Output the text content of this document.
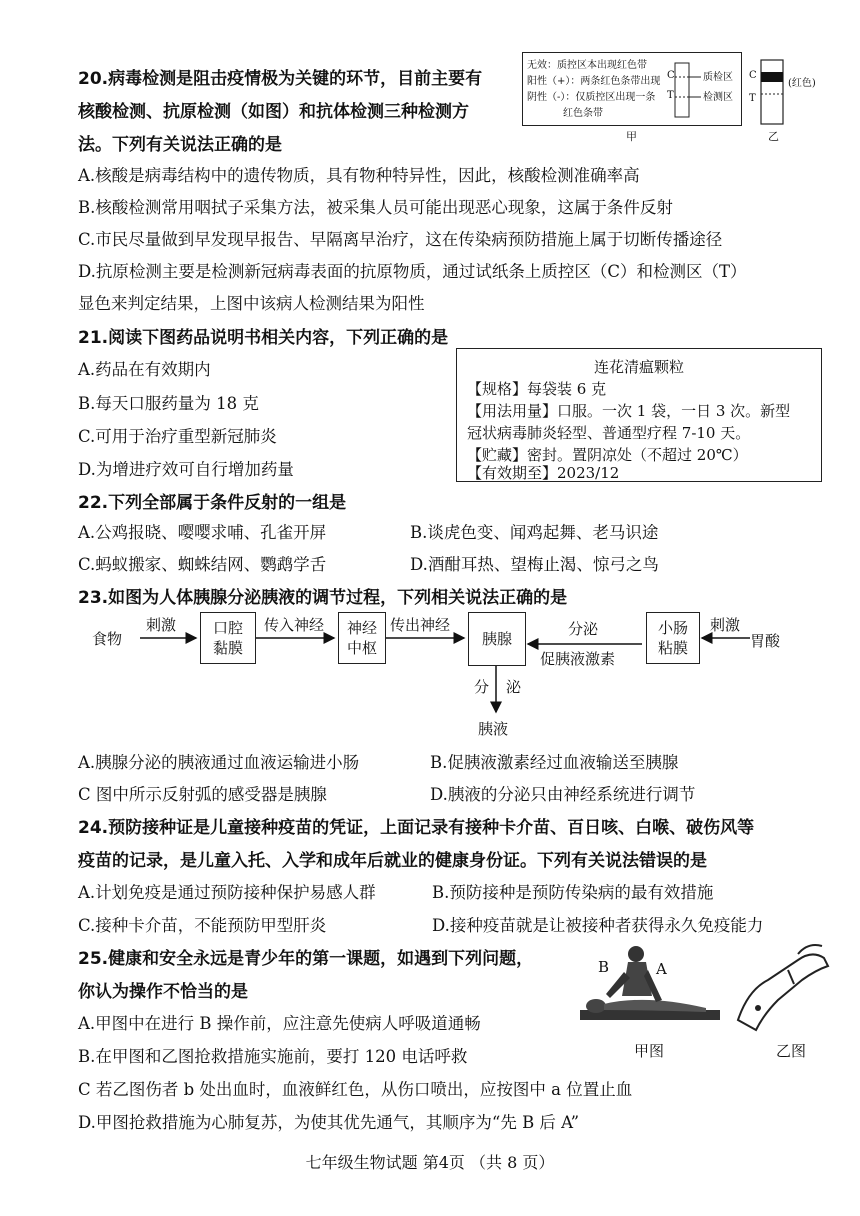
20.病毒检测是阻击疫情极为关键的环节，目前主要有
核酸检测、抗原检测（如图）和抗体检测三种检测方
法。下列有关说法正确的是
无效：质控区本出现红色带
阳性（+）：两条红色条带出现
阴性（-）：仅质控区出现一条
红色条带
C
T
质检区
检测区
甲
C
T
(红色)
乙
A.核酸是病毒结构中的遗传物质，具有物种特异性，因此，核酸检测准确率高
B.核酸检测常用咽拭子采集方法，被采集人员可能出现恶心现象，这属于条件反射
C.市民尽量做到早发现早报告、早隔离早治疗，这在传染病预防措施上属于切断传播途径
D.抗原检测主要是检测新冠病毒表面的抗原物质，通过试纸条上质控区（C）和检测区（T）
显色来判定结果，上图中该病人检测结果为阳性
21.阅读下图药品说明书相关内容，下列正确的是
A.药品在有效期内
B.每天口服药量为 18 克
C.可用于治疗重型新冠肺炎
D.为增进疗效可自行增加药量
连花清瘟颗粒
【规格】每袋装 6 克
【用法用量】口服。一次 1 袋，一日 3 次。新型
冠状病毒肺炎轻型、普通型疗程 7-10 天。
【贮藏】密封。置阴凉处（不超过 20℃）
【有效期至】2023/12
22.下列全部属于条件反射的一组是
A.公鸡报晓、嘤嘤求哺、孔雀开屏	B.谈虎色变、闻鸡起舞、老马识途
C.蚂蚁搬家、蜘蛛结网、鹦鹉学舌	D.酒酣耳热、望梅止渴、惊弓之鸟
23.如图为人体胰腺分泌胰液的调节过程，下列相关说法正确的是
食物
刺激 口腔
黏膜
传入神经 神经
中枢
传出神经
胰腺
分泌
促胰液激素
小肠
粘膜
刺激
胃酸
分 泌
胰液
A.胰腺分泌的胰液通过血液运输进小肠	B.促胰液激素经过血液输送至胰腺
C 图中所示反射弧的感受器是胰腺	D.胰液的分泌只由神经系统进行调节
24.预防接种证是儿童接种疫苗的凭证，上面记录有接种卡介苗、百日咳、白喉、破伤风等
疫苗的记录，是儿童入托、入学和成年后就业的健康身份证。下列有关说法错误的是
A.计划免疫是通过预防接种保护易感人群	B.预防接种是预防传染病的最有效措施
C.接种卡介苗，不能预防甲型肝炎	D.接种疫苗就是让被接种者获得永久免疫能力
25.健康和安全永远是青少年的第一课题，如遇到下列问题，
你认为操作不恰当的是
B	A
甲图	乙图
A.甲图中在进行 B 操作前，应注意先使病人呼吸道通畅
B.在甲图和乙图抢救措施实施前，要打 120 电话呼救
C 若乙图伤者 b 处出血时，血液鲜红色，从伤口喷出，应按图中 a 位置止血
D.甲图抢救措施为心肺复苏，为使其优先通气，其顺序为“先 B 后 A”
七年级生物试题 第4页 （共 8 页）
